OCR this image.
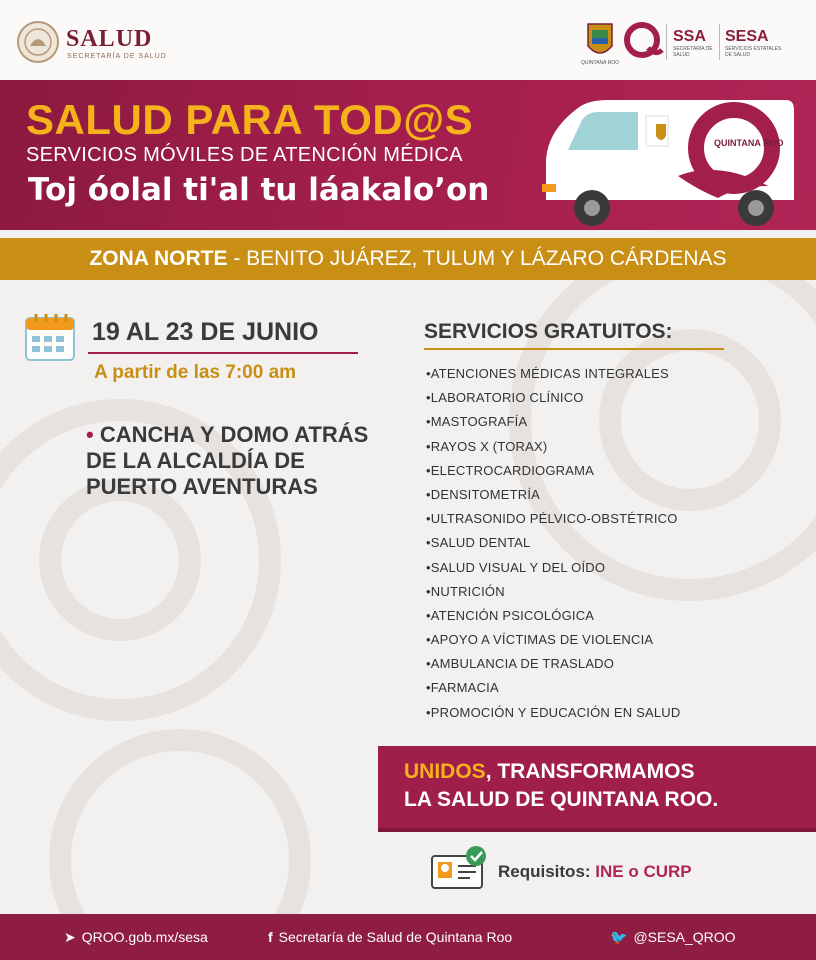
SALUD
SECRETARÍA DE SALUD
QUINTANA ROO
SSA
SECRETARÍA DE SALUD
SESA
SERVICIOS ESTATALES DE SALUD
SALUD PARA TOD@S
SERVICIOS MÓVILES DE ATENCIÓN MÉDICA
Toj óolal ti'al tu láakalo’on
QUINTANA ROO
ZONA NORTE - BENITO JUÁREZ, TULUM Y LÁZARO CÁRDENAS
19 AL 23 DE JUNIO
A partir de las 7:00 am
• CANCHA Y DOMO ATRÁS DE LA ALCALDÍA DE PUERTO AVENTURAS
SERVICIOS GRATUITOS:
• ATENCIONES MÉDICAS INTEGRALES
• LABORATORIO CLÍNICO
• MASTOGRAFÍA
• RAYOS X (TORAX)
• ELECTROCARDIOGRAMA
• DENSITOMETRÍA
• ULTRASONIDO PÉLVICO-OBSTÉTRICO
• SALUD DENTAL
• SALUD VISUAL Y DEL OÍDO
• NUTRICIÓN
• ATENCIÓN PSICOLÓGICA
• APOYO A VÍCTIMAS DE VIOLENCIA
• AMBULANCIA DE TRASLADO
• FARMACIA
• PROMOCIÓN Y EDUCACIÓN EN SALUD
UNIDOS, TRANSFORMAMOS
LA SALUD DE QUINTANA ROO.
Requisitos: INE o CURP
➤ QROO.gob.mx/sesa	f Secretaría de Salud de Quintana Roo	🐦 @SESA_QROO
